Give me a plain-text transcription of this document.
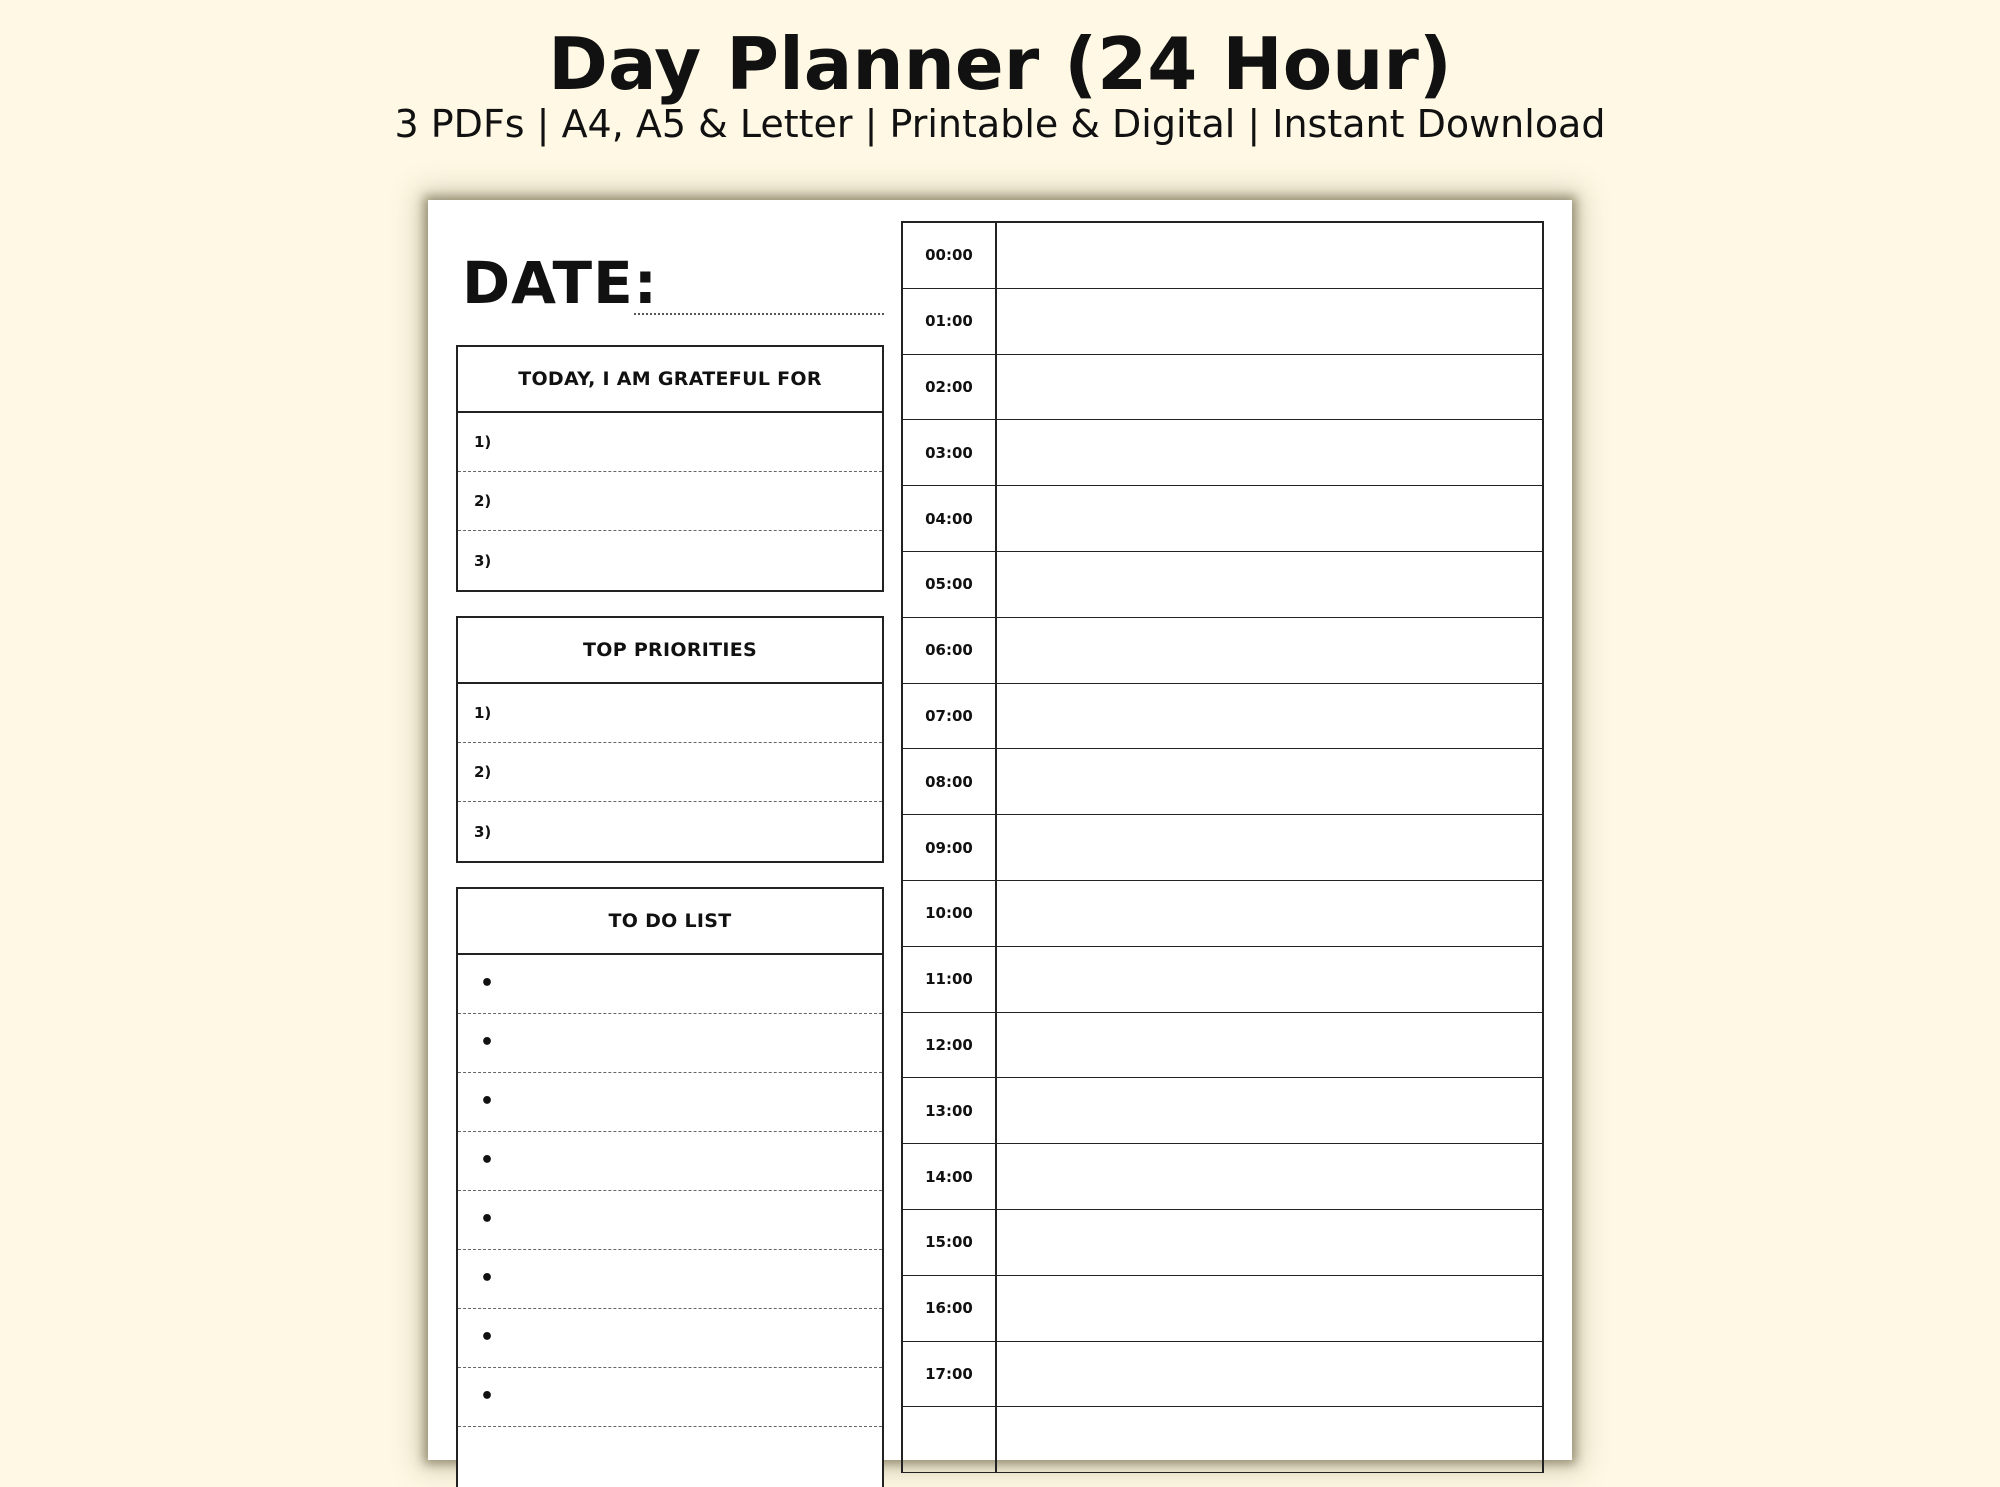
Day Planner (24 Hour)
3 PDFs | A4, A5 & Letter | Printable & Digital | Instant Download
DATE:
TODAY, I AM GRATEFUL FOR
1)
2)
3)
TOP PRIORITIES
1)
2)
3)
TO DO LIST
•
•
•
•
•
•
•
•
00:00
01:00
02:00
03:00
04:00
05:00
06:00
07:00
08:00
09:00
10:00
11:00
12:00
13:00
14:00
15:00
16:00
17:00
